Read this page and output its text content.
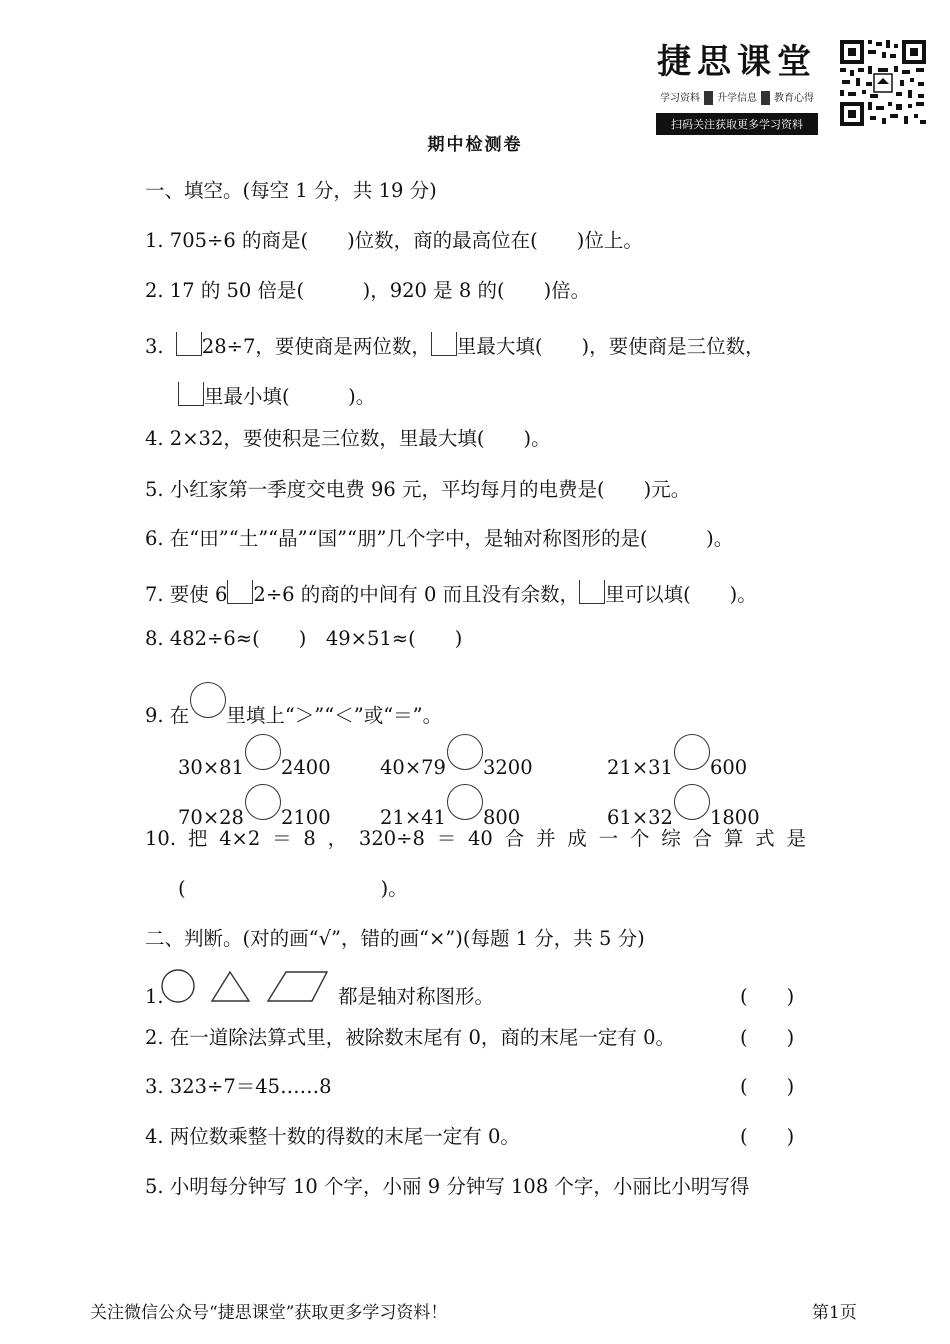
捷思课堂
学习资料 升学信息 教育心得
扫码关注获取更多学习资料
期中检测卷
一、填空。(每空 1 分，共 19 分)
1. 705÷6 的商是(　　)位数，商的最高位在(　　)位上。
2. 17 的 50 倍是(　　　)，920 是 8 的(　　)倍。
3. 28÷7，要使商是两位数， 里最大填(　　)，要使商是三位数，
里最小填(　　　)。
4. 2×32，要使积是三位数，里最大填(　　)。
5. 小红家第一季度交电费 96 元，平均每月的电费是(　　)元。
6. 在“田”“土”“晶”“国”“朋”几个字中，是轴对称图形的是(　　　)。
7. 要使 6 2÷6 的商的中间有 0 而且没有余数， 里可以填(　　)。
8. 482÷6≈(　　)　49×51≈(　　)
9. 在 里填上“＞”“＜”或“＝”。
30×81 2400	40×79 3200	21×31 600
70×28 2100	21×41 800	61×32 1800
10. 把 4×2 ＝ 8 ， 320÷8 ＝ 40 合 并 成 一 个 综 合 算 式 是
(　　　　　　　　　　)。
二、判断。(对的画“√”，错的画“×”)(每题 1 分，共 5 分)
1.	都是轴对称图形。	(　　)
2. 在一道除法算式里，被除数末尾有 0，商的末尾一定有 0。	(　　)
3. 323÷7＝45……8	(　　)
4. 两位数乘整十数的得数的末尾一定有 0。	(　　)
5. 小明每分钟写 10 个字，小丽 9 分钟写 108 个字，小丽比小明写得
关注微信公众号“捷思课堂”获取更多学习资料！	第1页
